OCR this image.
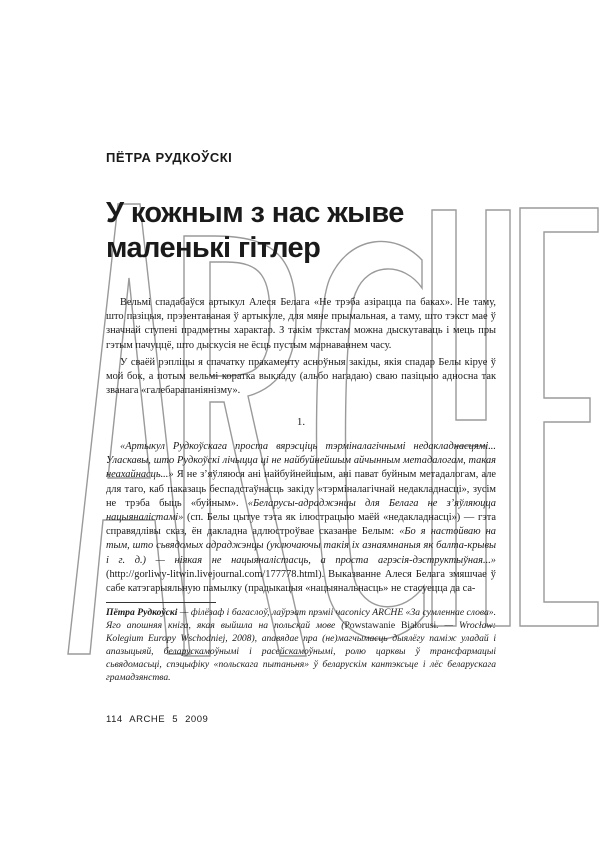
ПЁТРА РУДКОЎСКІ
У кожным з нас жыве маленькі гітлер

Вельмі спадабаўся артыкул Алеся Белага «Не трэба азірацца па баках». Не таму, што пазіцыя, прэзентаваная ў артыкуле, для мяне прымальная, а таму, што тэкст мае ў значнай ступені прадметны характар. З такім тэкстам можна дыскутаваць і мець пры гэтым пачуццё, што дыскусія не ёсць пустым марнаваннем часу.

У сваёй рэпліцы я спачатку пракаменту асноўныя закіды, якія спадар Белы кіруе ў мой бок, а потым вельмі коратка выкладу (альбо нагадаю) сваю пазіцыю адносна так званага «галебарапаніянізму».

1.

«Артыкул Рудкоўскага проста вярэсціць тэрміналагічнымі недакладнасцямі... Уласкавы, што Рудкоўскі лічыцца ці не найбуйнейшым айчынным метадалогам, такая неахайнасць...» Я не з’яўляюся ані найбуйнейшым, ані пават буйным метадалогам, але для таго, каб паказаць беспадстаўнасць закіду «тэрміналагічнай недакладнасці», зусім не трэба быць «буйным». «Беларусы-адраджэнцы для Белага не з’яўляюцца нацыяналістамі» (сп. Белы цытуе тэта як ілюстрацыю маёй «недакладнасці») — гэта справядлівы сказ, ён дакладна адлюстроўвае сказанае Белым: «Бо я настойваю на тым, што сьвядомых адраджэнцы (уключаючы такія іх азнаямнаныя як балта-крывы і г. д.) — ніякая не нацыяналістасць, а проста агрэсія-дэструктыўная...» (http://gorliwy-litwin.livejournal.com/177778.html). Выказванне Алеся Белага змяшчае ў сабе катэгарыяльную памылку (прадыкацыя «нацыянальнасць» не стасуецца да са-

Пётра Рудкоўскі — філёзаф і багаслоў, лаўрэат прэміі часопісу ARCHE «За сумленнае слова». Яго апошняя кніга, якая выйшла на польскай мове (Powstawanie Białorusi. — Wrocław: Kolegium Europy Wschodniej, 2008), апавядае пра (не)магчымасць дыялёгу паміж уладай і апазыцыяй, беларускамоўнымі і расейскамоўнымі, ролю царквы ў трансфармацыі сьвядомасьці, спэцыфіку «польскага пытаньня» ў беларускім кантэксьце і лёс беларускага грамадзянства.

114 ARCHE 5 2009
